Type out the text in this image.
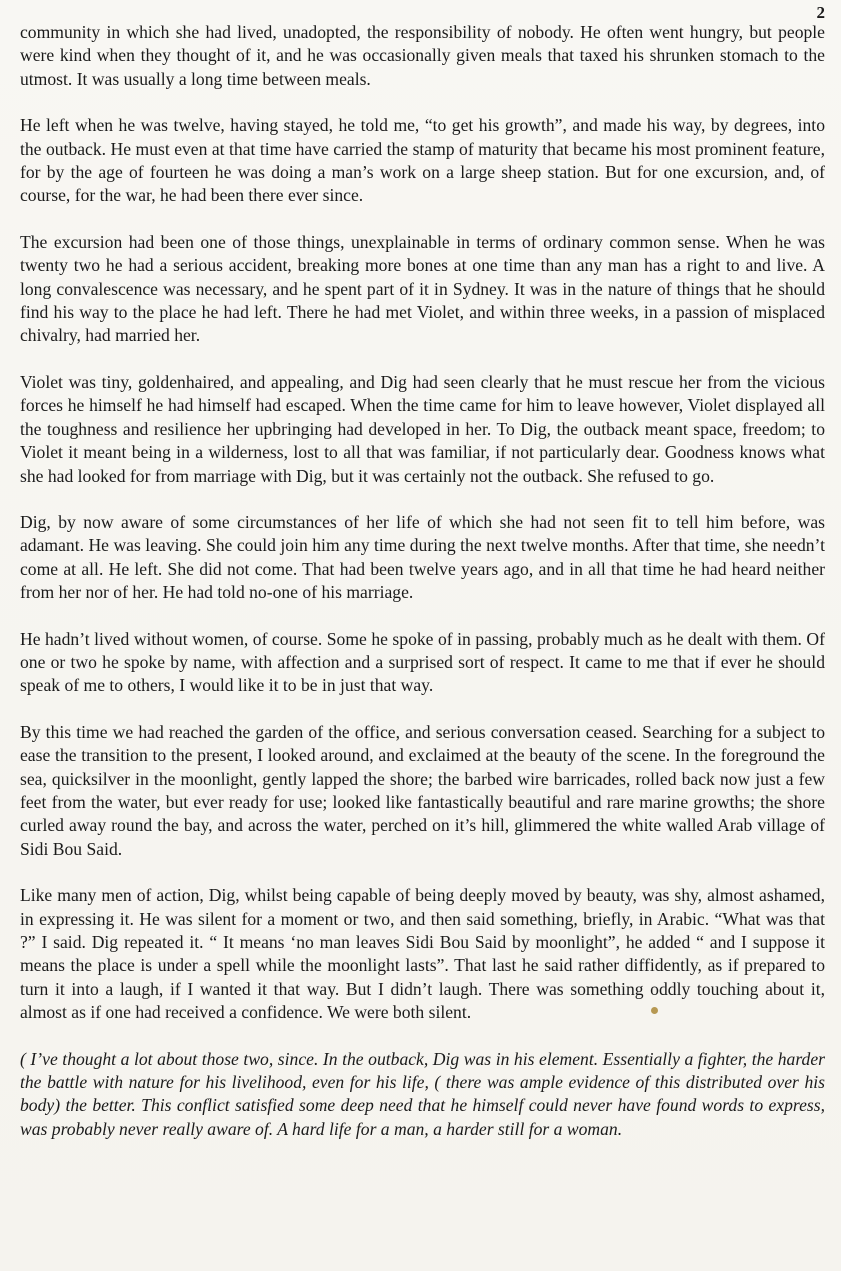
2

community in which she had lived, unadopted, the responsibility of nobody. He often went hungry, but people were kind when they thought of it, and he was occasionally given meals that taxed his shrunken stomach to the utmost. It was usually a long time between meals.

He left when he was twelve, having stayed, he told me, “to get his growth”, and made his way, by degrees, into the outback. He must even at that time have carried the stamp of maturity that became his most prominent feature, for by the age of fourteen he was doing a man’s work on a large sheep station. But for one excursion, and, of course, for the war, he had been there ever since.

The excursion had been one of those things, unexplainable in terms of ordinary common sense. When he was twenty two he had a serious accident, breaking more bones at one time than any man has a right to and live. A long convalescence was necessary, and he spent part of it in Sydney. It was in the nature of things that he should find his way to the place he had left. There he had met Violet, and within three weeks, in a passion of misplaced chivalry, had married her.

Violet was tiny, goldenhaired, and appealing, and Dig had seen clearly that he must rescue her from the vicious forces he himself he had himself had escaped. When the time came for him to leave however, Violet displayed all the toughness and resilience her upbringing had developed in her. To Dig, the outback meant space, freedom; to Violet it meant being in a wilderness, lost to all that was familiar, if not particularly dear. Goodness knows what she had looked for from marriage with Dig, but it was certainly not the outback. She refused to go.

Dig, by now aware of some circumstances of her life of which she had not seen fit to tell him before, was adamant. He was leaving. She could join him any time during the next twelve months. After that time, she needn’t come at all. He left. She did not come. That had been twelve years ago, and in all that time he had heard neither from her nor of her. He had told no-one of his marriage.

He hadn’t lived without women, of course. Some he spoke of in passing, probably much as he dealt with them. Of one or two he spoke by name, with affection and a surprised sort of respect. It came to me that if ever he should speak of me to others, I would like it to be in just that way.

By this time we had reached the garden of the office, and serious conversation ceased. Searching for a subject to ease the transition to the present, I looked around, and exclaimed at the beauty of the scene. In the foreground the sea, quicksilver in the moonlight, gently lapped the shore; the barbed wire barricades, rolled back now just a few feet from the water, but ever ready for use; looked like fantastically beautiful and rare marine growths; the shore curled away round the bay, and across the water, perched on it’s hill, glimmered the white walled Arab village of Sidi Bou Said.

Like many men of action, Dig, whilst being capable of being deeply moved by beauty, was shy, almost ashamed, in expressing it. He was silent for a moment or two, and then said something, briefly, in Arabic. “What was that ?” I said. Dig repeated it. “ It means ‘no man leaves Sidi Bou Said by moonlight”, he added “ and I suppose it means the place is under a spell while the moonlight lasts”. That last he said rather diffidently, as if prepared to turn it into a laugh, if I wanted it that way. But I didn’t laugh. There was something oddly touching about it, almost as if one had received a confidence. We were both silent.

( I’ve thought a lot about those two, since. In the outback, Dig was in his element. Essentially a fighter, the harder the battle with nature for his livelihood, even for his life, ( there was ample evidence of this distributed over his body) the better. This conflict satisfied some deep need that he himself could never have found words to express, was probably never really aware of. A hard life for a man, a harder still for a woman.
